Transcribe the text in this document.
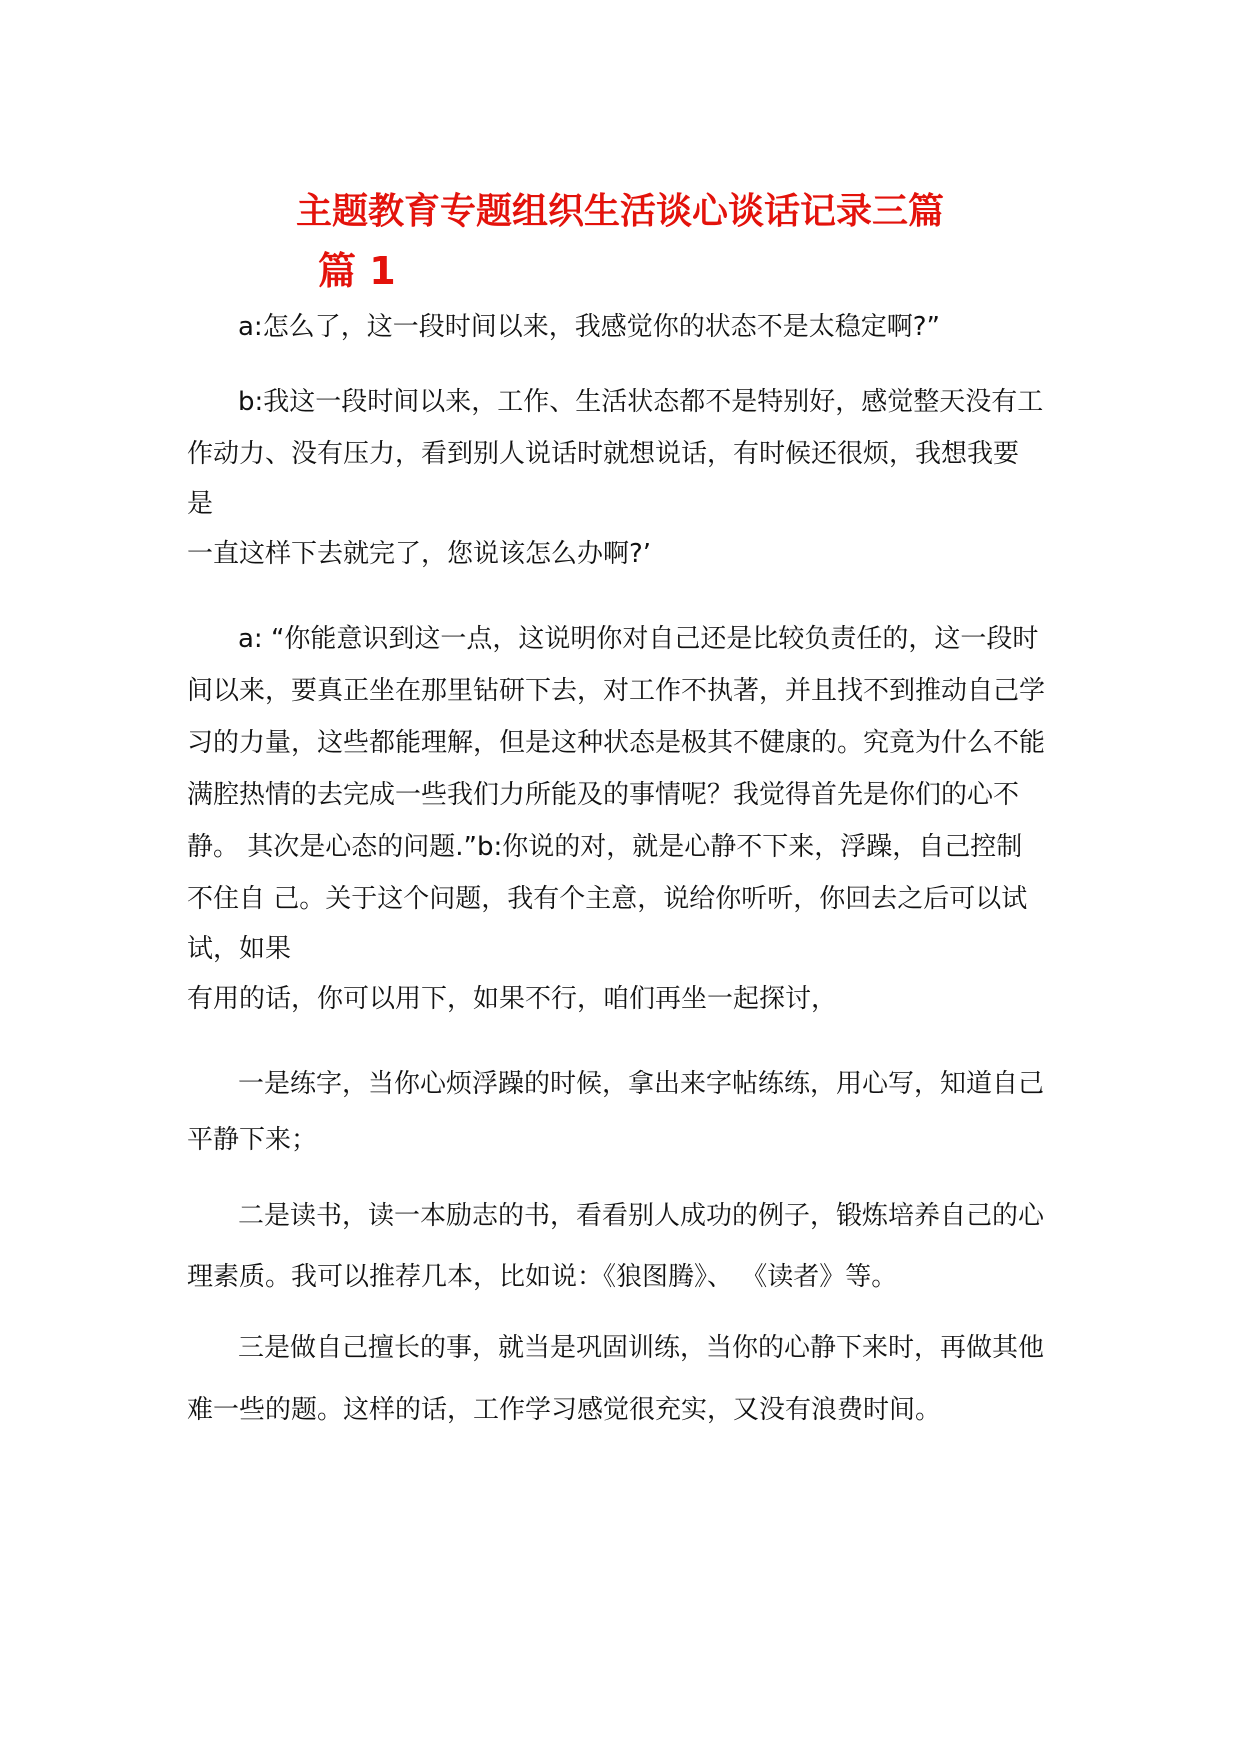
主题教育专题组织生活谈心谈话记录三篇
篇 1
a:怎么了，这一段时间以来，我感觉你的状态不是太稳定啊?”
b:我这一段时间以来，工作、生活状态都不是特别好，感觉整天没有工
作动力、没有压力，看到别人说话时就想说话，有时候还很烦，我想我要
是
一直这样下去就完了，您说该怎么办啊?’
a: “你能意识到这一点，这说明你对自己还是比较负责任的，这一段时
间以来，要真正坐在那里钻研下去，对工作不执著，并且找不到推动自己学
习的力量，这些都能理解，但是这种状态是极其不健康的。究竟为什么不能
满腔热情的去完成一些我们力所能及的事情呢？我觉得首先是你们的心不
静。 其次是心态的问题.”b:你说的对，就是心静不下来，浮躁，自己控制
不住自 己。关于这个问题，我有个主意，说给你听听，你回去之后可以试
试，如果
有用的话，你可以用下，如果不行，咱们再坐一起探讨，
一是练字，当你心烦浮躁的时候，拿出来字帖练练，用心写，知道自己
平静下来；
二是读书，读一本励志的书，看看别人成功的例子，锻炼培养自己的心
理素质。我可以推荐几本，比如说：《狼图腾》、 《读者》等。
三是做自己擅长的事，就当是巩固训练，当你的心静下来时，再做其他
难一些的题。这样的话，工作学习感觉很充实，又没有浪费时间。
